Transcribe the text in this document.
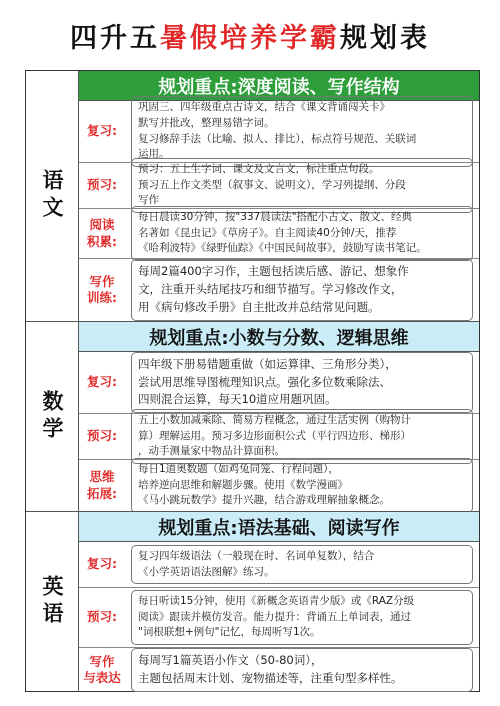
四升五 暑假培养学霸 规划表
语文
规划重点:深度阅读、写作结构
复习:
巩固三、四年级重点古诗文，结合《课文背诵闯关卡》
默写并批改，整理易错字词。
复习修辞手法（比喻、拟人、排比），标点符号规范、关联词
运用。
预习:
预习：五上生字词、课文及文言文，标注重点句段。
预习五上作文类型（叙事文、说明文），学习列提纲、分段
写作
阅读
积累:
每日晨读30分钟，按"337晨读法"搭配小古文、散文、经典
名著如《昆虫记》《草房子》。自主阅读40分钟/天，推荐
《哈利波特》《绿野仙踪》《中国民间故事》，鼓励写读书笔记。
写作
训练:
每周2篇400字习作，主题包括读后感、游记、想象作
文，注重开头结尾技巧和细节描写。学习修改作文，
用《病句修改手册》自主批改并总结常见问题。
数学
规划重点:小数与分数、逻辑思维
复习:
四年级下册易错题重做（如运算律、三角形分类），
尝试用思维导图梳理知识点。强化多位数乘除法、
四则混合运算，每天10道应用题巩固。
预习:
五上小数加减乘除、简易方程概念，通过生活实例（购物计
算）理解运用。预习多边形面积公式（平行四边形、梯形）
，动手测量家中物品计算面积。
思维
拓展:
每日1道奥数题（如鸡兔同笼、行程问题），
培养逆向思维和解题步骤。使用《数学漫画》
《马小跳玩数学》提升兴趣，结合游戏理解抽象概念。
英语
规划重点:语法基础、阅读写作
复习:
复习四年级语法（一般现在时、名词单复数），结合
《小学英语语法图解》练习。
预习:
每日听读15分钟，使用《新概念英语青少版》或《RAZ分级
阅读》跟读并模仿发音。能力提升：背诵五上单词表，通过
"词根联想+例句"记忆，每周听写1次。
写作
与表达
每周写1篇英语小作文（50-80词），
主题包括周末计划、宠物描述等，注重句型多样性。
